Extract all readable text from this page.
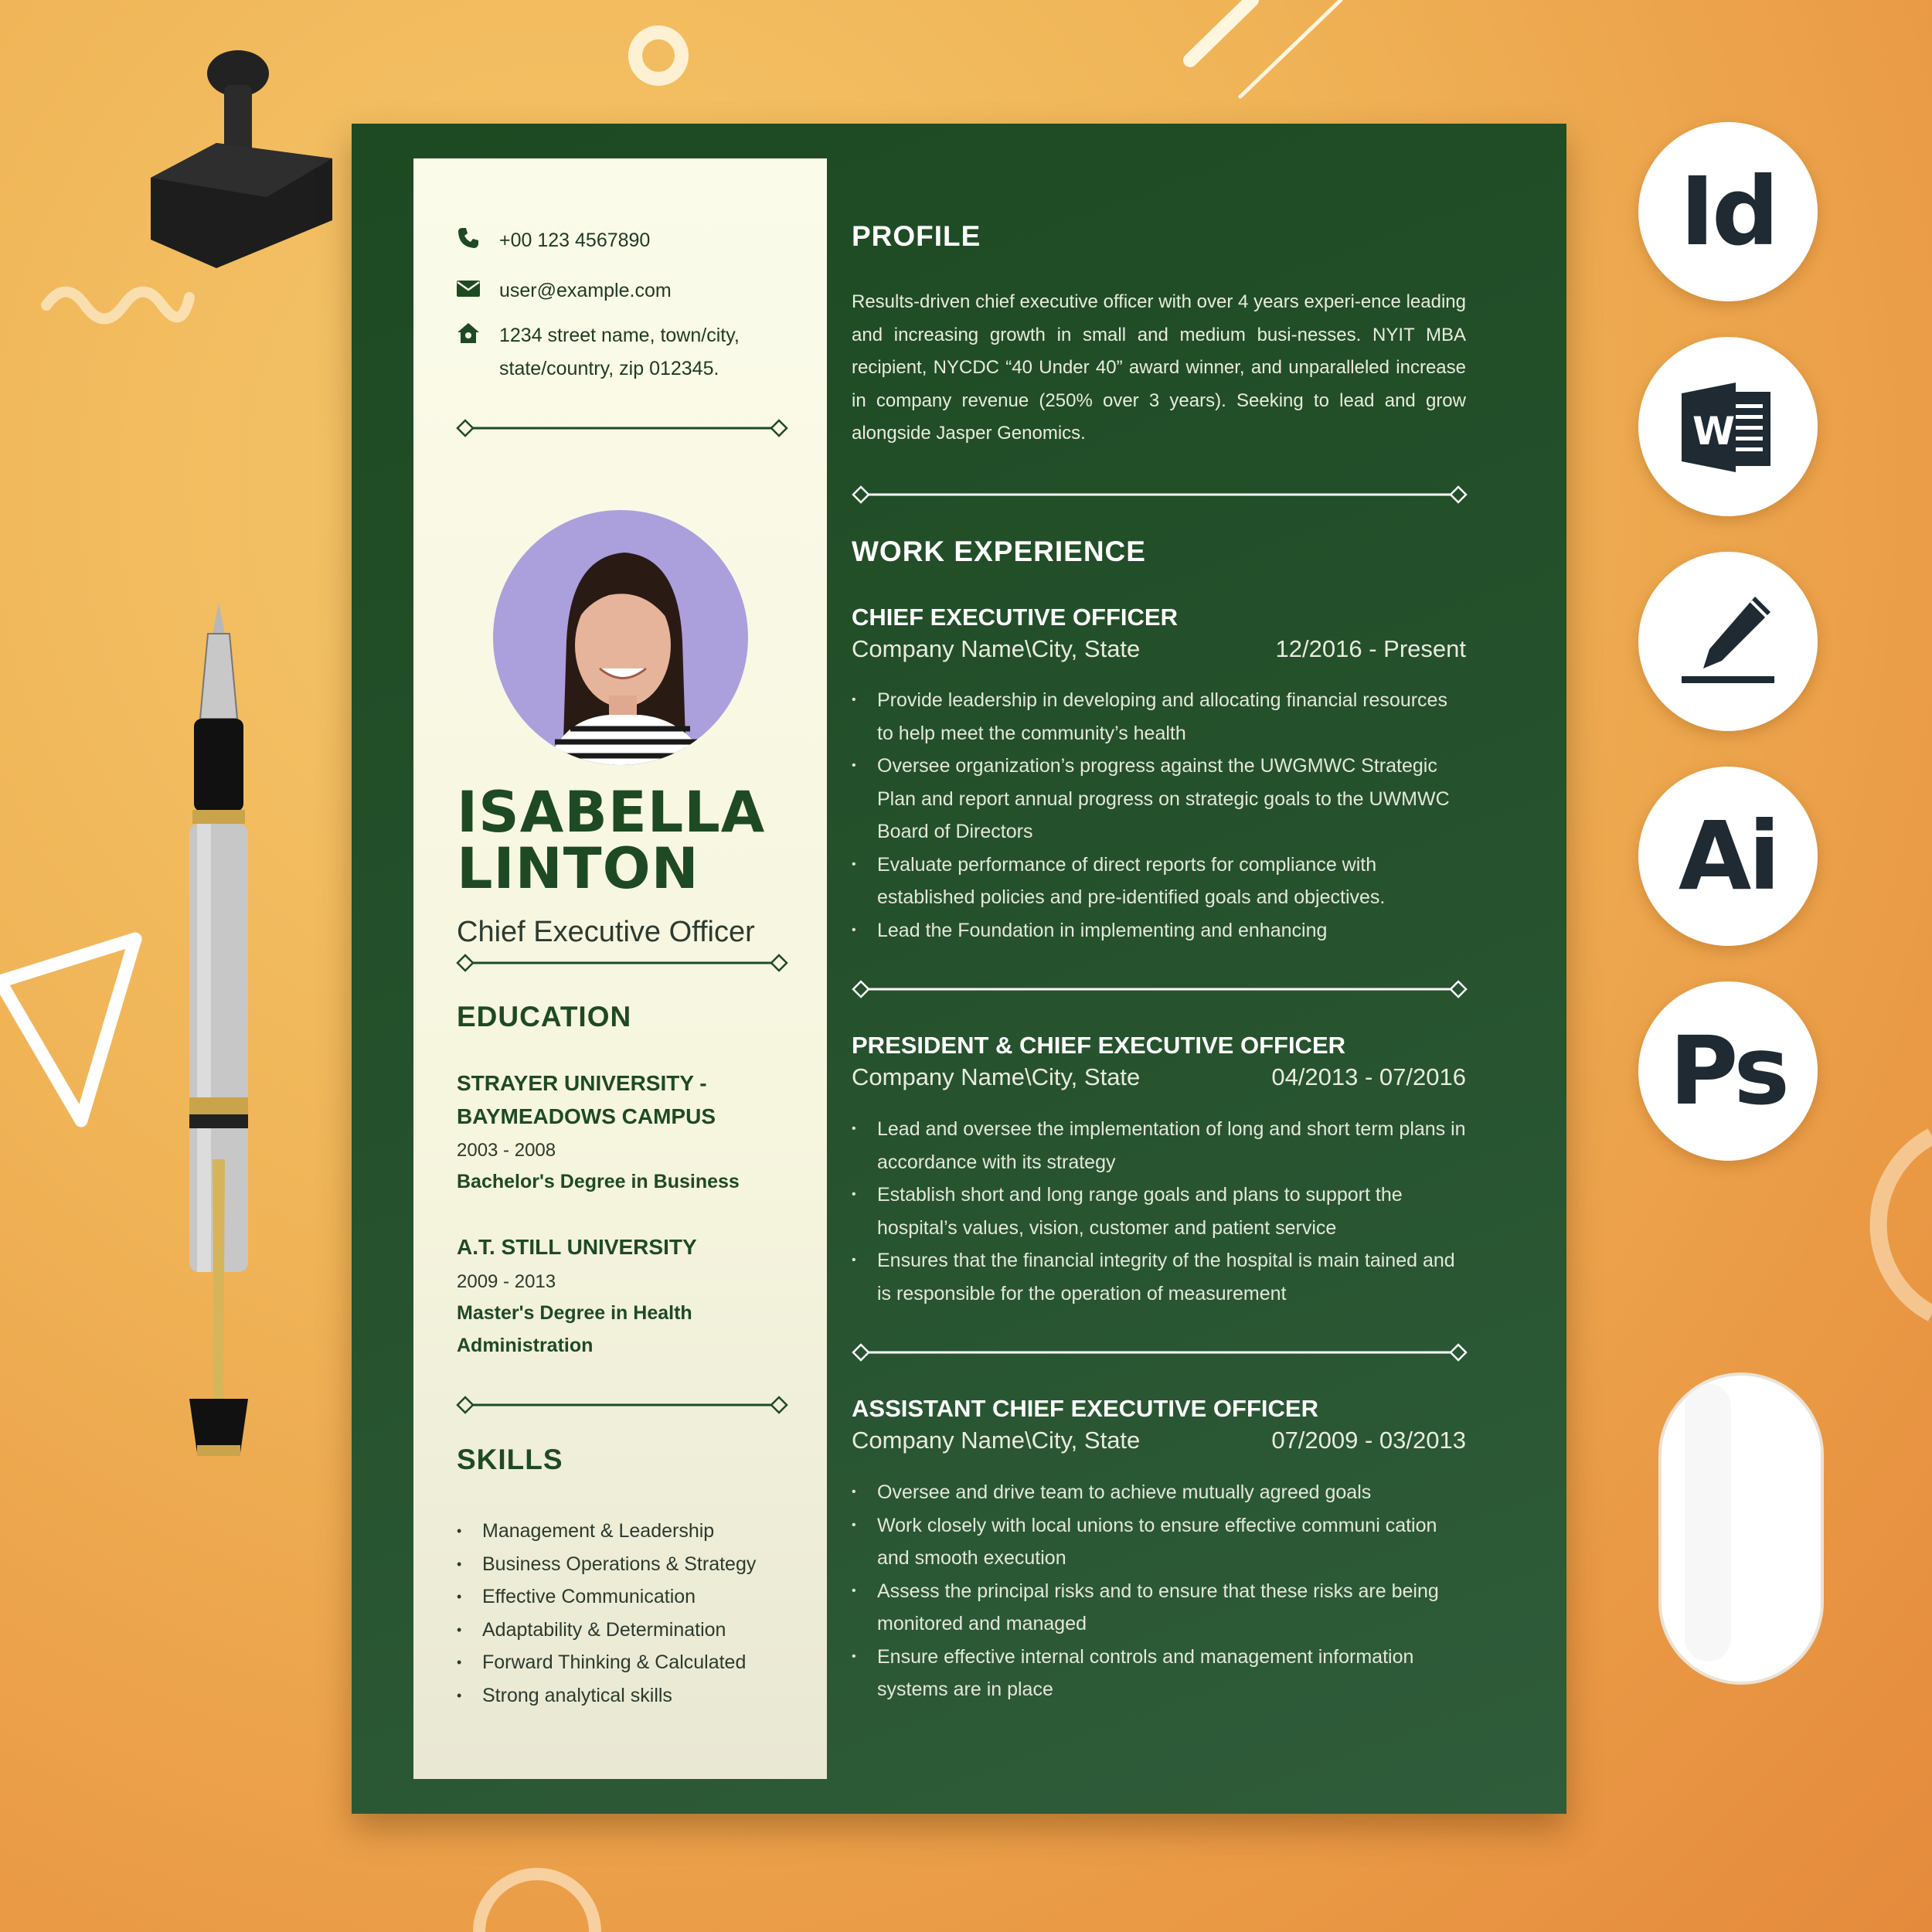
Id
W
Ai
Ps
+00 123 4567890
user@example.com
1234 street name, town/city,
state/country, zip 012345.
ISABELLA
LINTON
Chief Executive Officer
EDUCATION
STRAYER UNIVERSITY -
BAYMEADOWS CAMPUS
2003 - 2008
Bachelor's Degree in Business
A.T. STILL UNIVERSITY
2009 - 2013
Master's Degree in Health
Administration
SKILLS
• Management & Leadership
• Business Operations & Strategy
• Effective Communication
• Adaptability & Determination
• Forward Thinking & Calculated
• Strong analytical skills
PROFILE
Results-driven chief executive officer with over 4 years experi-ence leading and increasing growth in small and medium busi-nesses. NYIT MBA recipient, NYCDC “40 Under 40” award winner, and unparalleled increase in company revenue (250% over 3 years). Seeking to lead and grow alongside Jasper Genomics.
WORK EXPERIENCE
CHIEF EXECUTIVE OFFICER
Company Name\City, State	12/2016 - Present
• Provide leadership in developing and allocating financial resources to help meet the community’s health
• Oversee organization’s progress against the UWGMWC Strategic Plan and report annual progress on strategic goals to the UWMWC Board of Directors
• Evaluate performance of direct reports for compliance with established policies and pre-identified goals and objectives.
• Lead the Foundation in implementing and enhancing
PRESIDENT & CHIEF EXECUTIVE OFFICER
Company Name\City, State	04/2013 - 07/2016
• Lead and oversee the implementation of long and short term plans in accordance with its strategy
• Establish short and long range goals and plans to support the hospital’s values, vision, customer and patient service
• Ensures that the financial integrity of the hospital is main tained and is responsible for the operation of measurement
ASSISTANT CHIEF EXECUTIVE OFFICER
Company Name\City, State	07/2009 - 03/2013
• Oversee and drive team to achieve mutually agreed goals
• Work closely with local unions to ensure effective communi cation and smooth execution
• Assess the principal risks and to ensure that these risks are being monitored and managed
• Ensure effective internal controls and management information systems are in place
